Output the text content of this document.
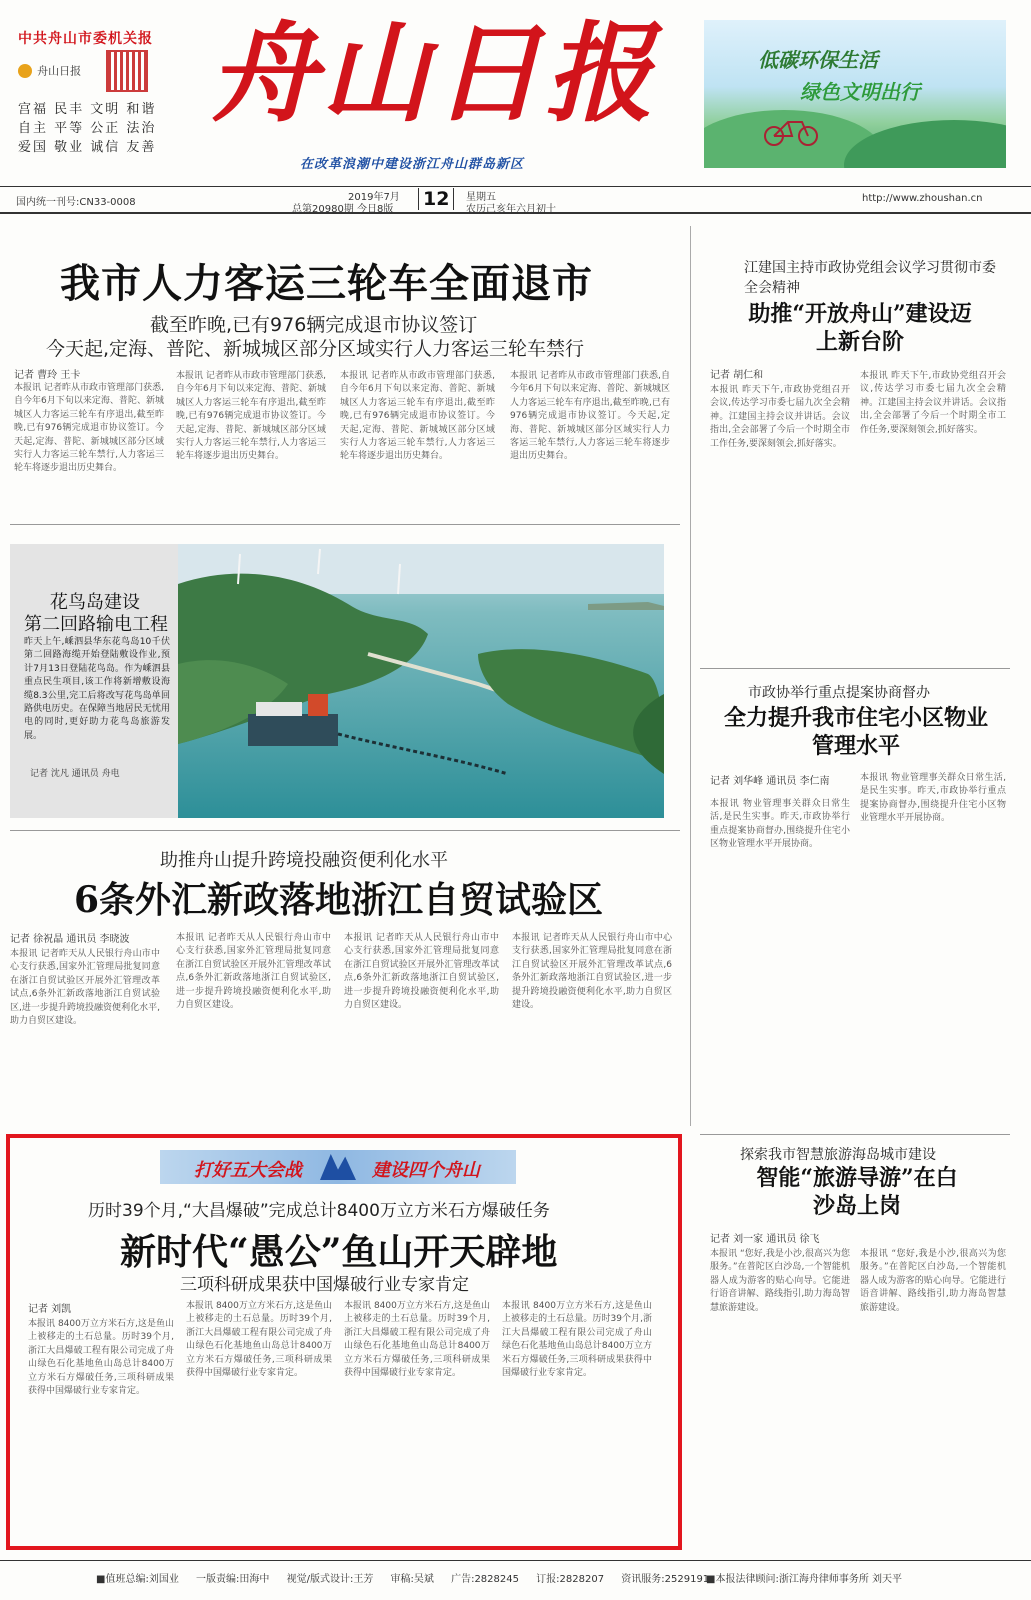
中共舟山市委机关报
舟山日报
宫福 民丰 文明 和谐
自主 平等 公正 法治
爱国 敬业 诚信 友善
舟山日报
在改革浪潮中建设浙江舟山群岛新区
低碳环保生活
绿色文明出行
国内统一刊号:CN33-0008	2019年7月
总第20980期 今日8版 12	星期五
农历己亥年六月初十
http://www.zhoushan.cn
我市人力客运三轮车全面退市
截至昨晚,已有976辆完成退市协议签订
今天起,定海、普陀、新城城区部分区域实行人力客运三轮车禁行
记者 曹玲 王卡
本报讯 记者昨从市政市管理部门获悉,自今年6月下旬以来定海、普陀、新城城区人力客运三轮车有序退出,截至昨晚,已有976辆完成退市协议签订。今天起,定海、普陀、新城城区部分区域实行人力客运三轮车禁行,人力客运三轮车将逐步退出历史舞台。
本报讯 记者昨从市政市管理部门获悉,自今年6月下旬以来定海、普陀、新城城区人力客运三轮车有序退出,截至昨晚,已有976辆完成退市协议签订。今天起,定海、普陀、新城城区部分区域实行人力客运三轮车禁行,人力客运三轮车将逐步退出历史舞台。
本报讯 记者昨从市政市管理部门获悉,自今年6月下旬以来定海、普陀、新城城区人力客运三轮车有序退出,截至昨晚,已有976辆完成退市协议签订。今天起,定海、普陀、新城城区部分区域实行人力客运三轮车禁行,人力客运三轮车将逐步退出历史舞台。
本报讯 记者昨从市政市管理部门获悉,自今年6月下旬以来定海、普陀、新城城区人力客运三轮车有序退出,截至昨晚,已有976辆完成退市协议签订。今天起,定海、普陀、新城城区部分区域实行人力客运三轮车禁行,人力客运三轮车将逐步退出历史舞台。
花鸟岛建设
第二回路输电工程
昨天上午,嵊泗县华东花鸟岛10千伏第二回路海缆开始登陆敷设作业,预计7月13日登陆花鸟岛。作为嵊泗县重点民生项目,该工作将新增敷设海缆8.3公里,完工后将改写花鸟岛单回路供电历史。在保障当地居民无忧用电的同时,更好助力花鸟岛旅游发展。
记者 沈凡 通讯员 舟电
助推舟山提升跨境投融资便利化水平
6条外汇新政落地浙江自贸试验区
记者 徐祝晶 通讯员 李晓波
本报讯 记者昨天从人民银行舟山市中心支行获悉,国家外汇管理局批复同意在浙江自贸试验区开展外汇管理改革试点,6条外汇新政落地浙江自贸试验区,进一步提升跨境投融资便利化水平,助力自贸区建设。
本报讯 记者昨天从人民银行舟山市中心支行获悉,国家外汇管理局批复同意在浙江自贸试验区开展外汇管理改革试点,6条外汇新政落地浙江自贸试验区,进一步提升跨境投融资便利化水平,助力自贸区建设。
本报讯 记者昨天从人民银行舟山市中心支行获悉,国家外汇管理局批复同意在浙江自贸试验区开展外汇管理改革试点,6条外汇新政落地浙江自贸试验区,进一步提升跨境投融资便利化水平,助力自贸区建设。
本报讯 记者昨天从人民银行舟山市中心支行获悉,国家外汇管理局批复同意在浙江自贸试验区开展外汇管理改革试点,6条外汇新政落地浙江自贸试验区,进一步提升跨境投融资便利化水平,助力自贸区建设。
江建国主持市政协党组会议学习贯彻市委全会精神
助推“开放舟山”建设迈上新台阶
记者 胡仁和
本报讯 昨天下午,市政协党组召开会议,传达学习市委七届九次全会精神。江建国主持会议并讲话。会议指出,全会部署了今后一个时期全市工作任务,要深刻领会,抓好落实。
本报讯 昨天下午,市政协党组召开会议,传达学习市委七届九次全会精神。江建国主持会议并讲话。会议指出,全会部署了今后一个时期全市工作任务,要深刻领会,抓好落实。
市政协举行重点提案协商督办
全力提升我市住宅小区物业管理水平
记者 刘华峰 通讯员 李仁南
本报讯 物业管理事关群众日常生活,是民生实事。昨天,市政协举行重点提案协商督办,围绕提升住宅小区物业管理水平开展协商。
本报讯 物业管理事关群众日常生活,是民生实事。昨天,市政协举行重点提案协商督办,围绕提升住宅小区物业管理水平开展协商。
探索我市智慧旅游海岛城市建设
智能“旅游导游”在白沙岛上岗
记者 刘一家 通讯员 徐飞
本报讯 “您好,我是小沙,很高兴为您服务。”在普陀区白沙岛,一个智能机器人成为游客的贴心向导。它能进行语音讲解、路线指引,助力海岛智慧旅游建设。
本报讯 “您好,我是小沙,很高兴为您服务。”在普陀区白沙岛,一个智能机器人成为游客的贴心向导。它能进行语音讲解、路线指引,助力海岛智慧旅游建设。
打好五大会战	建设四个舟山
历时39个月,“大昌爆破”完成总计8400万立方米石方爆破任务
新时代“愚公”鱼山开天辟地
三项科研成果获中国爆破行业专家肯定
记者 刘凯
本报讯 8400万立方米石方,这是鱼山上被移走的土石总量。历时39个月,浙江大昌爆破工程有限公司完成了舟山绿色石化基地鱼山岛总计8400万立方米石方爆破任务,三项科研成果获得中国爆破行业专家肯定。
本报讯 8400万立方米石方,这是鱼山上被移走的土石总量。历时39个月,浙江大昌爆破工程有限公司完成了舟山绿色石化基地鱼山岛总计8400万立方米石方爆破任务,三项科研成果获得中国爆破行业专家肯定。
本报讯 8400万立方米石方,这是鱼山上被移走的土石总量。历时39个月,浙江大昌爆破工程有限公司完成了舟山绿色石化基地鱼山岛总计8400万立方米石方爆破任务,三项科研成果获得中国爆破行业专家肯定。
本报讯 8400万立方米石方,这是鱼山上被移走的土石总量。历时39个月,浙江大昌爆破工程有限公司完成了舟山绿色石化基地鱼山岛总计8400万立方米石方爆破任务,三项科研成果获得中国爆破行业专家肯定。
■值班总编:刘国业 一版责编:田海中 视觉/版式设计:王芳 审稿:吴斌 广告:2828245 订报:2828207 资讯服务:2529191
■本报法律顾问:浙江海舟律师事务所 刘天平
